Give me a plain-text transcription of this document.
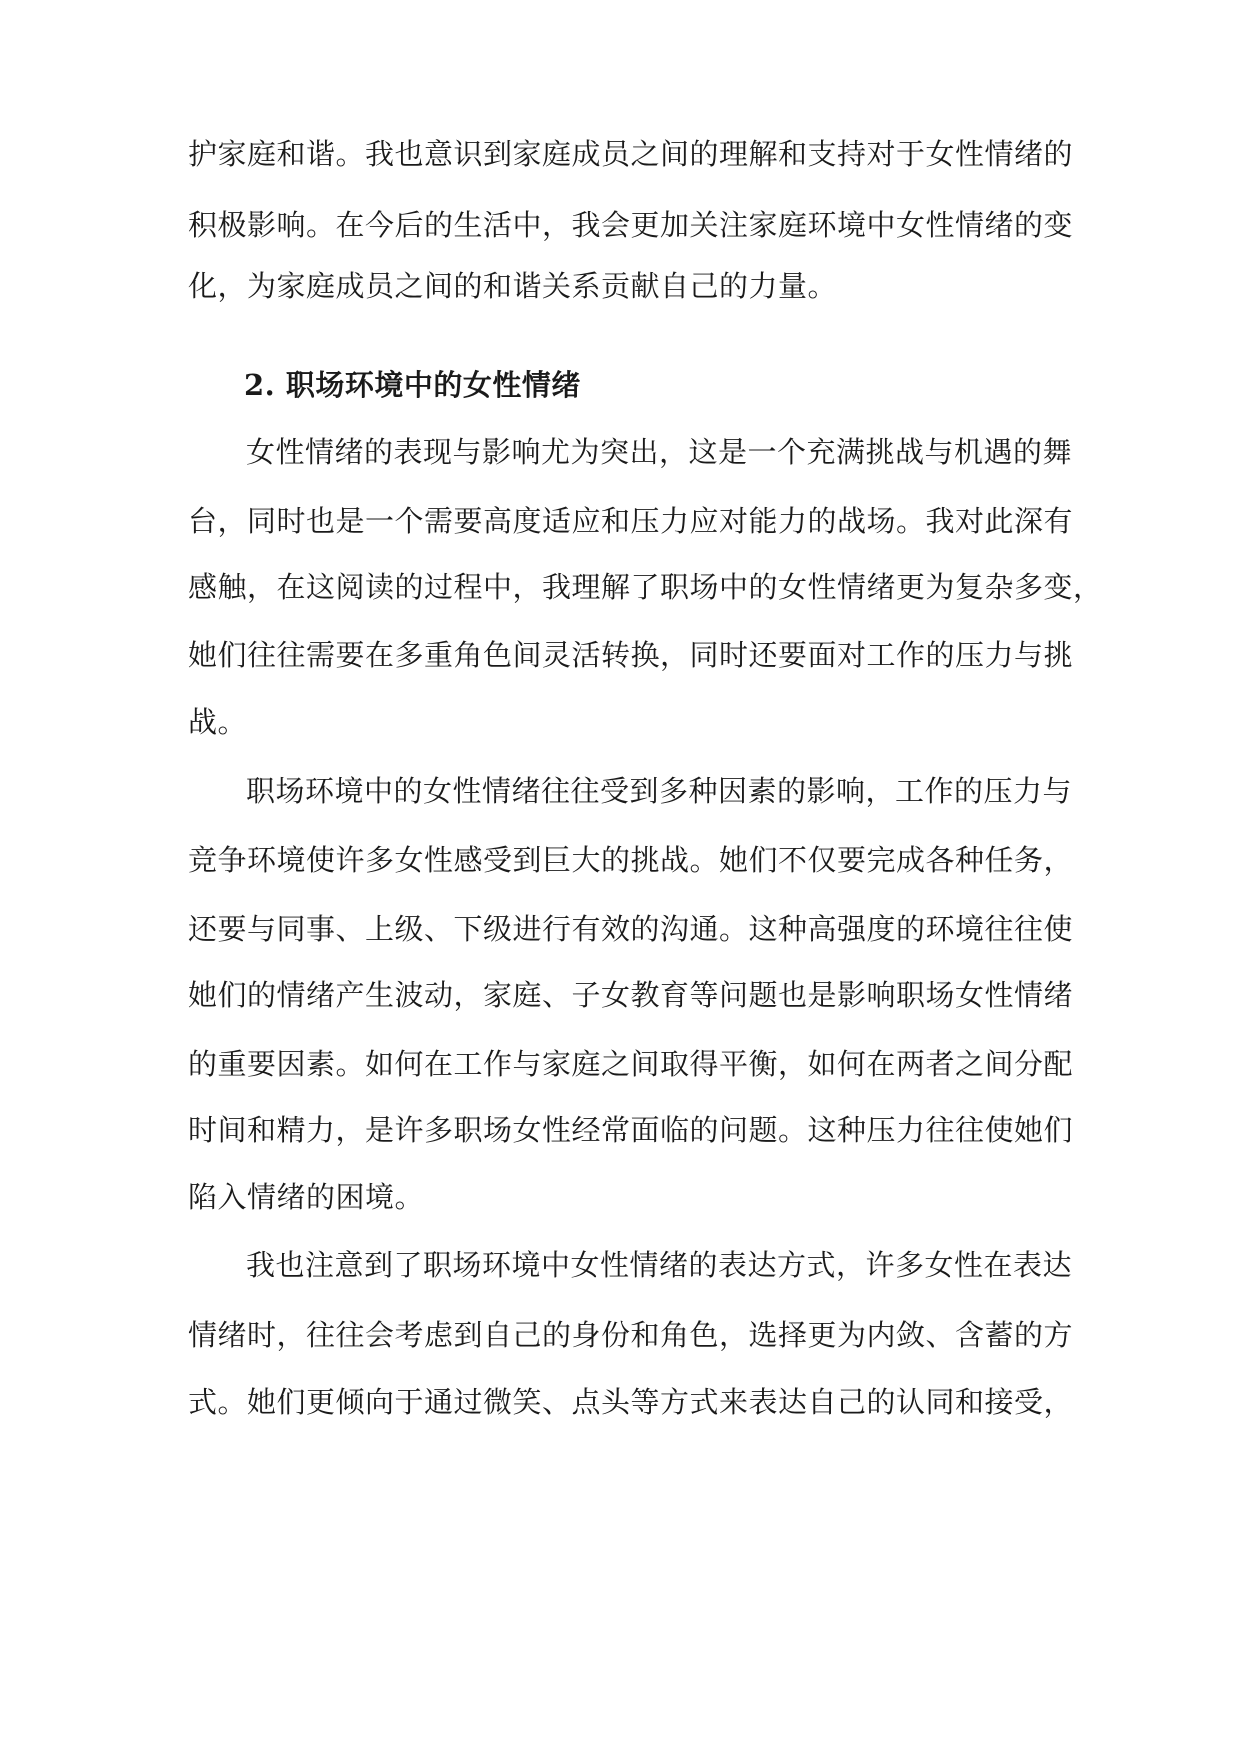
护家庭和谐。我也意识到家庭成员之间的理解和支持对于女性情绪的
积极影响。在今后的生活中，我会更加关注家庭环境中女性情绪的变
化，为家庭成员之间的和谐关系贡献自己的力量。
2. 职场环境中的女性情绪
女性情绪的表现与影响尤为突出，这是一个充满挑战与机遇的舞
台，同时也是一个需要高度适应和压力应对能力的战场。我对此深有
感触，在这阅读的过程中，我理解了职场中的女性情绪更为复杂多变，
她们往往需要在多重角色间灵活转换，同时还要面对工作的压力与挑
战。
职场环境中的女性情绪往往受到多种因素的影响，工作的压力与
竞争环境使许多女性感受到巨大的挑战。她们不仅要完成各种任务，
还要与同事、上级、下级进行有效的沟通。这种高强度的环境往往使
她们的情绪产生波动，家庭、子女教育等问题也是影响职场女性情绪
的重要因素。如何在工作与家庭之间取得平衡，如何在两者之间分配
时间和精力，是许多职场女性经常面临的问题。这种压力往往使她们
陷入情绪的困境。
我也注意到了职场环境中女性情绪的表达方式，许多女性在表达
情绪时，往往会考虑到自己的身份和角色，选择更为内敛、含蓄的方
式。她们更倾向于通过微笑、点头等方式来表达自己的认同和接受，
